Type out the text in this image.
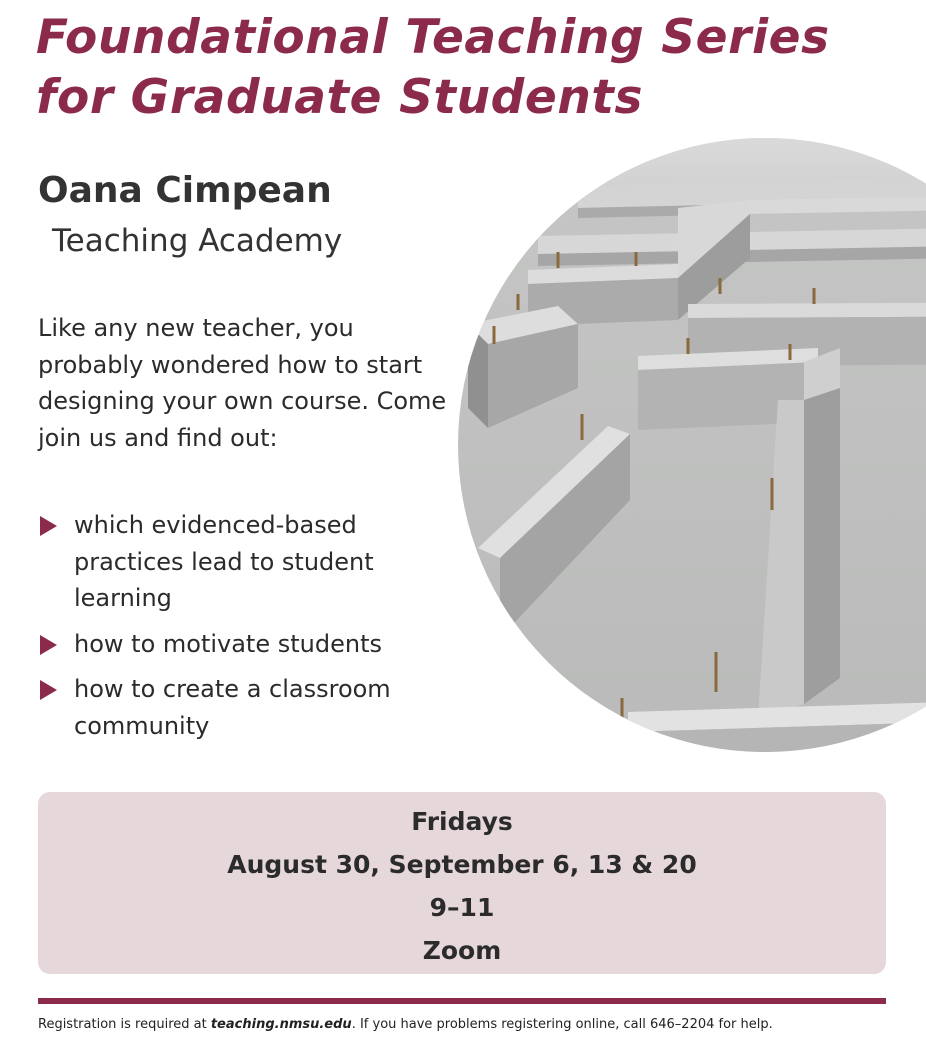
Foundational Teaching Series
for Graduate Students
Oana Cimpean
Teaching Academy

Like any new teacher, you probably wondered how to start designing your own course. Come join us and find out:

which evidenced-based practices lead to student learning
how to motivate students
how to create a classroom community
Fridays
August 30, September 6, 13 & 20
9–11
Zoom
Registration is required at teaching.nmsu.edu. If you have problems registering online, call 646–2204 for help.
